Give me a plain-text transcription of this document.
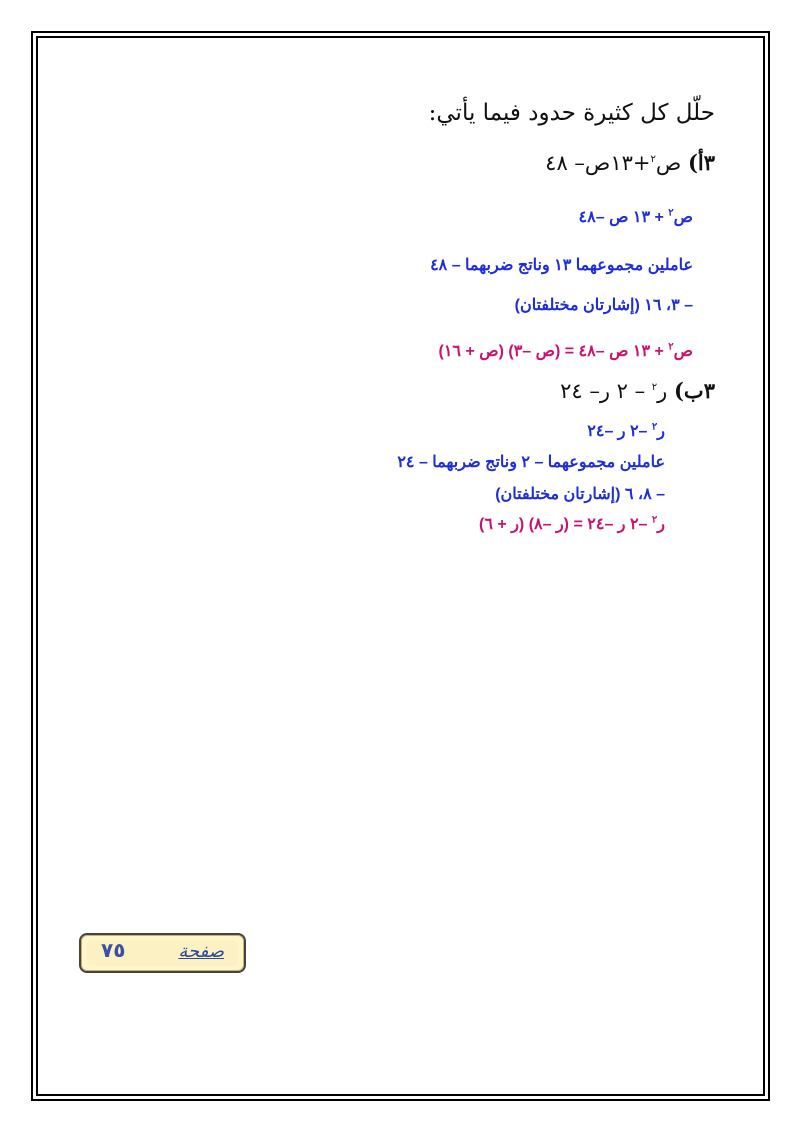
حلّل كل كثيرة حدود فيما يأتي:
٣أ) ص$^٢$+١٣ص– ٤٨
ص$^٢$ + ١٣ ص –٤٨
عاملين مجموعهما ١٣ وناتج ضربهما – ٤٨
– ٣، ١٦ (إشارتان مختلفتان)
ص$^٢$ + ١٣ ص –٤٨ = (ص –٣) (ص + ١٦)
٣ب) ر$^٢$ – ٢ ر– ٢٤
ر$^٢$ –٢ ر –٢٤
عاملين مجموعهما – ٢ وناتج ضربهما – ٢٤
– ٨، ٦ (إشارتان مختلفتان)
ر$^٢$ –٢ ر –٢٤ = (ر –٨) (ر + ٦)
صفحة
٧٥
